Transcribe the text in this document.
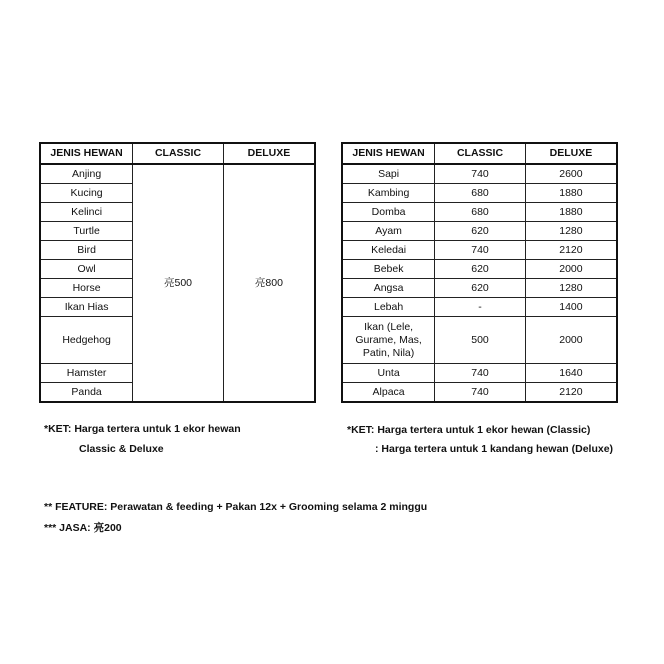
JENIS HEWAN	CLASSIC	DELUXE
Anjing	亮500	亮800
Kucing		
Kelinci		
Turtle		
Bird		
Owl		
Horse		
Ikan Hias		
Hedgehog		
Hamster		
Panda		
JENIS HEWAN	CLASSIC	DELUXE
Sapi	740	2600
Kambing	680	1880
Domba	680	1880
Ayam	620	1280
Keledai	740	2120
Bebek	620	2000
Angsa	620	1280
Lebah	-	1400
Ikan (Lele,
Gurame, Mas,
Patin, Nila)	500	2000
Unta	740	1640
Alpaca	740	2120
*KET: Harga tertera untuk 1 ekor hewan
Classic & Deluxe
*KET: Harga tertera untuk 1 ekor hewan (Classic)
: Harga tertera untuk 1 kandang hewan (Deluxe)
** FEATURE: Perawatan & feeding + Pakan 12x + Grooming selama 2 minggu
*** JASA: 亮200
